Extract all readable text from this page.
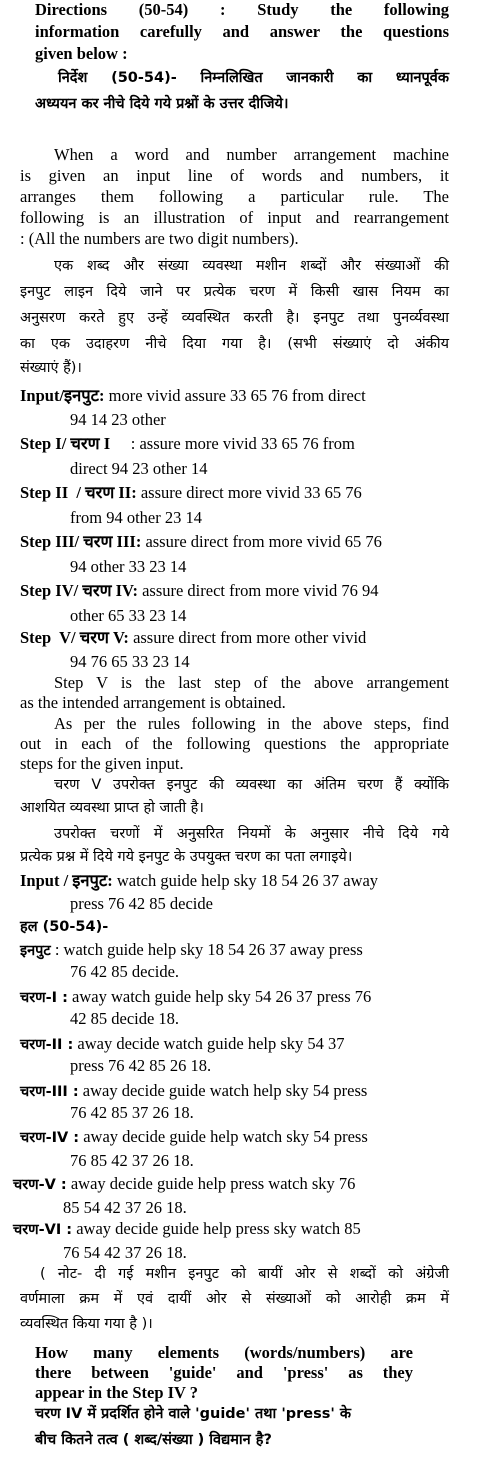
Directions (50-54) : Study the following
information carefully and answer the questions
given below :
निर्देश (50-54)- निम्नलिखित जानकारी का ध्यानपूर्वक
अध्ययन कर नीचे दिये गये प्रश्नों के उत्तर दीजिये।
When a word and number arrangement machine
is given an input line of words and numbers, it
arranges them following a particular rule. The
following is an illustration of input and rearrangement
: (All the numbers are two digit numbers).
एक शब्द और संख्या व्यवस्था मशीन शब्दों और संख्याओं की
इनपुट लाइन दिये जाने पर प्रत्येक चरण में किसी खास नियम का
अनुसरण करते हुए उन्हें व्यवस्थित करती है। इनपुट तथा पुनर्व्यवस्था
का एक उदाहरण नीचे दिया गया है। (सभी संख्याएं दो अंकीय
संख्याएं हैं)।
Input/इनपुट: more vivid assure 33 65 76 from direct
94 14 23 other
Step I/ चरण I     : assure more vivid 33 65 76 from
direct 94 23 other 14
Step II  / चरण II: assure direct more vivid 33 65 76
from 94 other 23 14
Step III/ चरण III: assure direct from more vivid 65 76
94 other 33 23 14
Step IV/ चरण IV: assure direct from more vivid 76 94
other 65 33 23 14
Step  V/ चरण V: assure direct from more other vivid
94 76 65 33 23 14
Step V is the last step of the above arrangement
as the intended arrangement is obtained.
As per the rules following in the above steps, find
out in each of the following questions the appropriate
steps for the given input.
चरण V उपरोक्त इनपुट की व्यवस्था का अंतिम चरण हैं क्योंकि
आशयित व्यवस्था प्राप्त हो जाती है।
उपरोक्त चरणों में अनुसरित नियमों के अनुसार नीचे दिये गये
प्रत्येक प्रश्न में दिये गये इनपुट के उपयुक्त चरण का पता लगाइये।
Input / इनपुट: watch guide help sky 18 54 26 37 away
press 76 42 85 decide
हल (50-54)-
इनपुट : watch guide help sky 18 54 26 37 away press
76 42 85 decide.
चरण-I : away watch guide help sky 54 26 37 press 76
42 85 decide 18.
चरण-II : away decide watch guide help sky 54 37
press 76 42 85 26 18.
चरण-III : away decide guide watch help sky 54 press
76 42 85 37 26 18.
चरण-IV : away decide guide help watch sky 54 press
76 85 42 37 26 18.
चरण-V : away decide guide help press watch sky 76
85 54 42 37 26 18.
चरण-VI : away decide guide help press sky watch 85
76 54 42 37 26 18.
( नोट- दी गई मशीन इनपुट को बायीं ओर से शब्दों को अंग्रेजी
वर्णमाला क्रम में एवं दायीं ओर से संख्याओं को आरोही क्रम में
व्यवस्थित किया गया है )।
How many elements (words/numbers) are
there between 'guide' and 'press' as they
appear in the Step IV ?
चरण IV में प्रदर्शित होने वाले 'guide' तथा 'press' के
बीच कितने तत्व ( शब्द/संख्या ) विद्यमान है?
